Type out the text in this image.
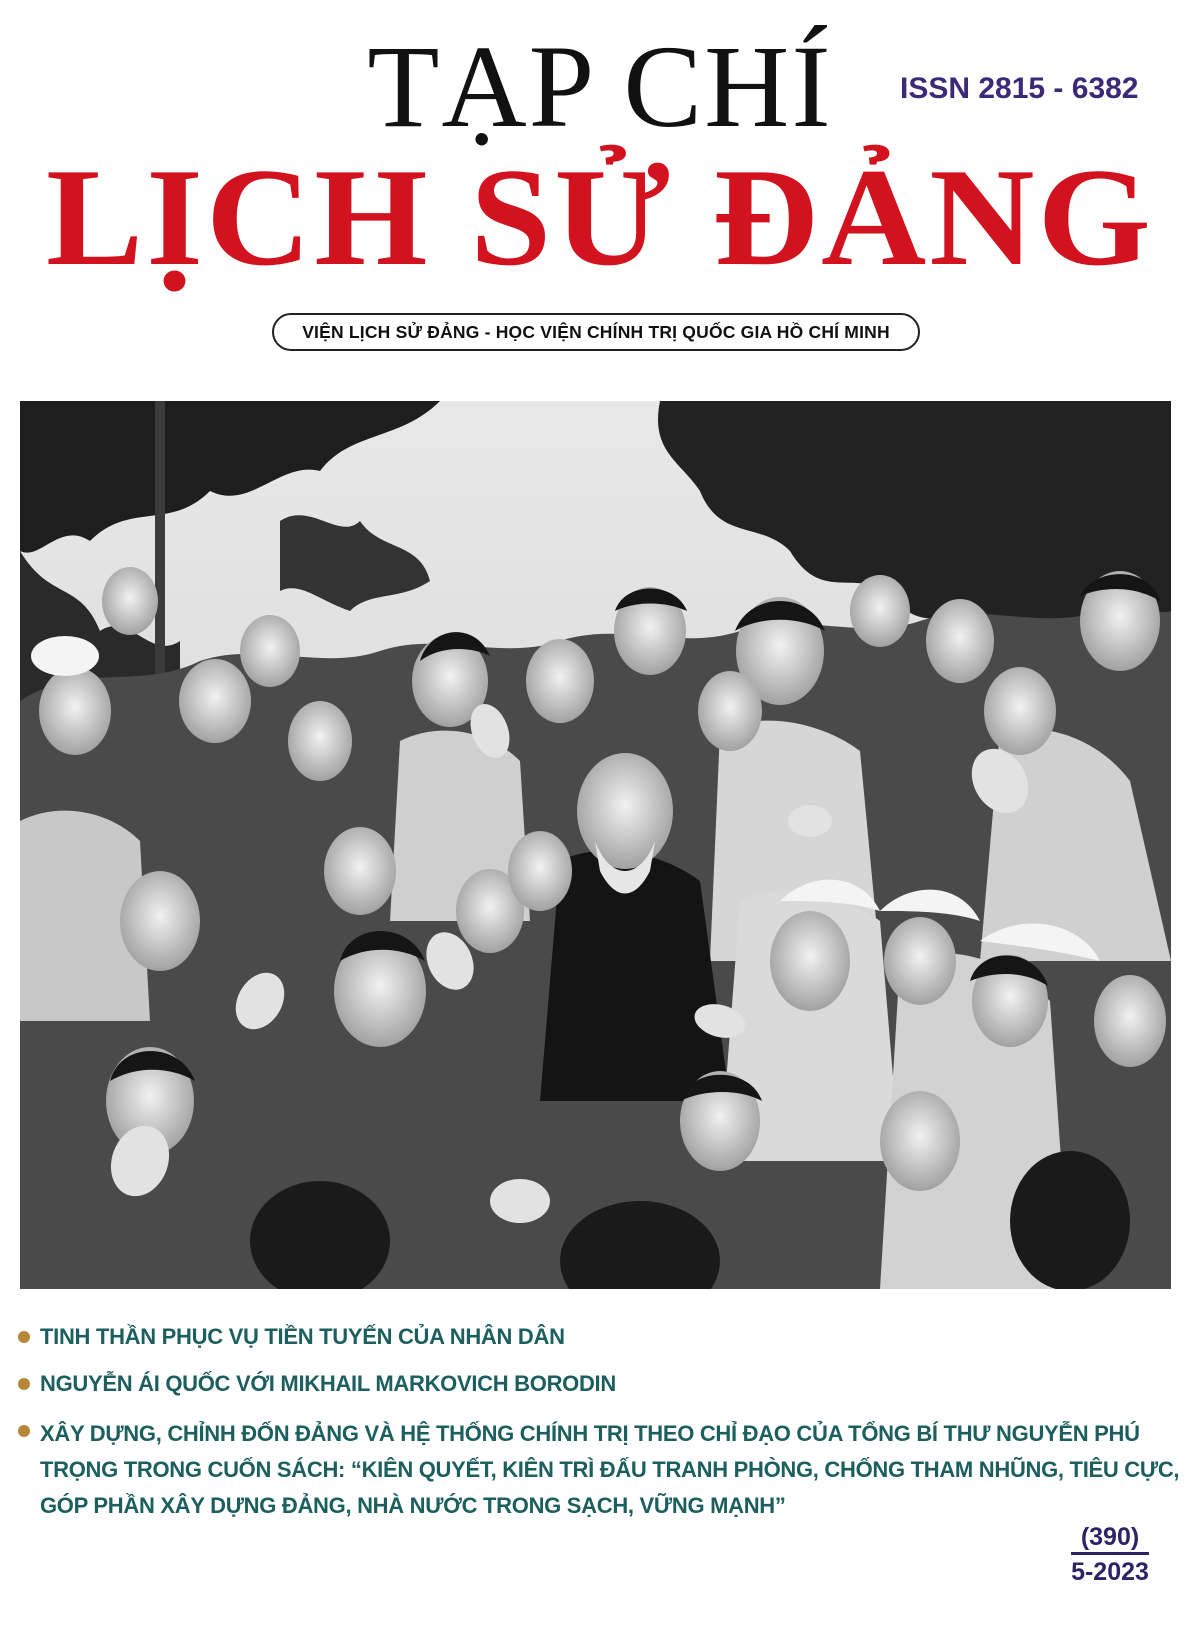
TẠP CHÍ	ISSN 2815 - 6382
LỊCH SỬ ĐẢNG
VIỆN LỊCH SỬ ĐẢNG - HỌC VIỆN CHÍNH TRỊ QUỐC GIA HỒ CHÍ MINH
TINH THẦN PHỤC VỤ TIỀN TUYẾN CỦA NHÂN DÂN
NGUYỄN ÁI QUỐC VỚI MIKHAIL MARKOVICH BORODIN
XÂY DỰNG, CHỈNH ĐỐN ĐẢNG VÀ HỆ THỐNG CHÍNH TRỊ THEO CHỈ ĐẠO CỦA TỔNG BÍ THƯ NGUYỄN PHÚ TRỌNG TRONG CUỐN SÁCH: “KIÊN QUYẾT, KIÊN TRÌ ĐẤU TRANH PHÒNG, CHỐNG THAM NHŨNG, TIÊU CỰC, GÓP PHẦN XÂY DỰNG ĐẢNG, NHÀ NƯỚC TRONG SẠCH, VỮNG MẠNH”
(390)
5-2023
